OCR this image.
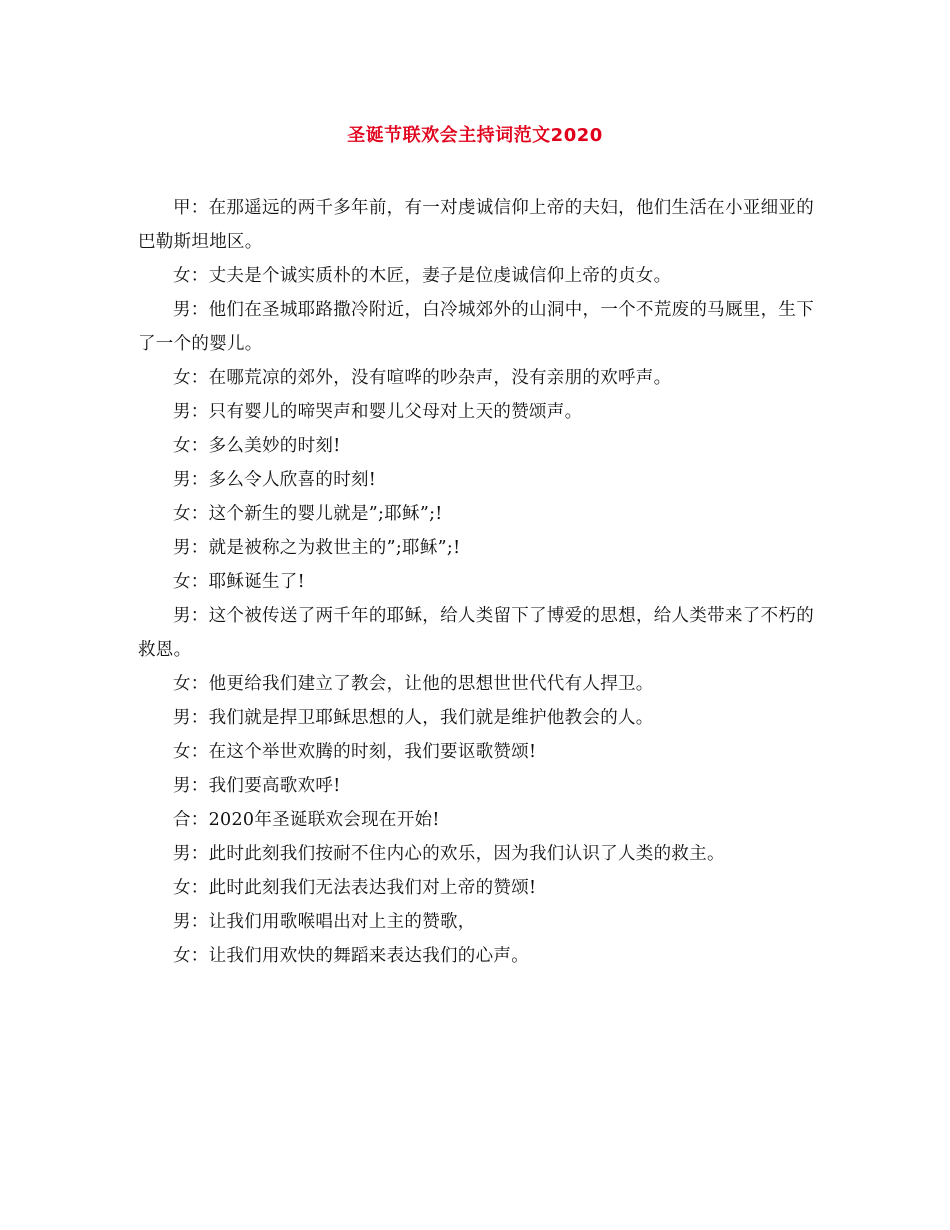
圣诞节联欢会主持词范文2020

甲：在那遥远的两千多年前，有一对虔诚信仰上帝的夫妇，他们生活在小亚细亚的巴勒斯坦地区。

女：丈夫是个诚实质朴的木匠，妻子是位虔诚信仰上帝的贞女。

男：他们在圣城耶路撒冷附近，白冷城郊外的山洞中，一个不荒废的马厩里，生下了一个的婴儿。

女：在哪荒凉的郊外，没有喧哗的吵杂声，没有亲朋的欢呼声。

男：只有婴儿的啼哭声和婴儿父母对上天的赞颂声。

女：多么美妙的时刻!

男：多么令人欣喜的时刻!

女：这个新生的婴儿就是”;耶稣”;!

男：就是被称之为救世主的”;耶稣”;!

女：耶稣诞生了!

男：这个被传送了两千年的耶稣，给人类留下了博爱的思想，给人类带来了不朽的救恩。

女：他更给我们建立了教会，让他的思想世世代代有人捍卫。

男：我们就是捍卫耶稣思想的人，我们就是维护他教会的人。

女：在这个举世欢腾的时刻，我们要讴歌赞颂!

男：我们要高歌欢呼!

合：2020年圣诞联欢会现在开始!

男：此时此刻我们按耐不住内心的欢乐，因为我们认识了人类的救主。

女：此时此刻我们无法表达我们对上帝的赞颂!

男：让我们用歌喉唱出对上主的赞歌，

女：让我们用欢快的舞蹈来表达我们的心声。
